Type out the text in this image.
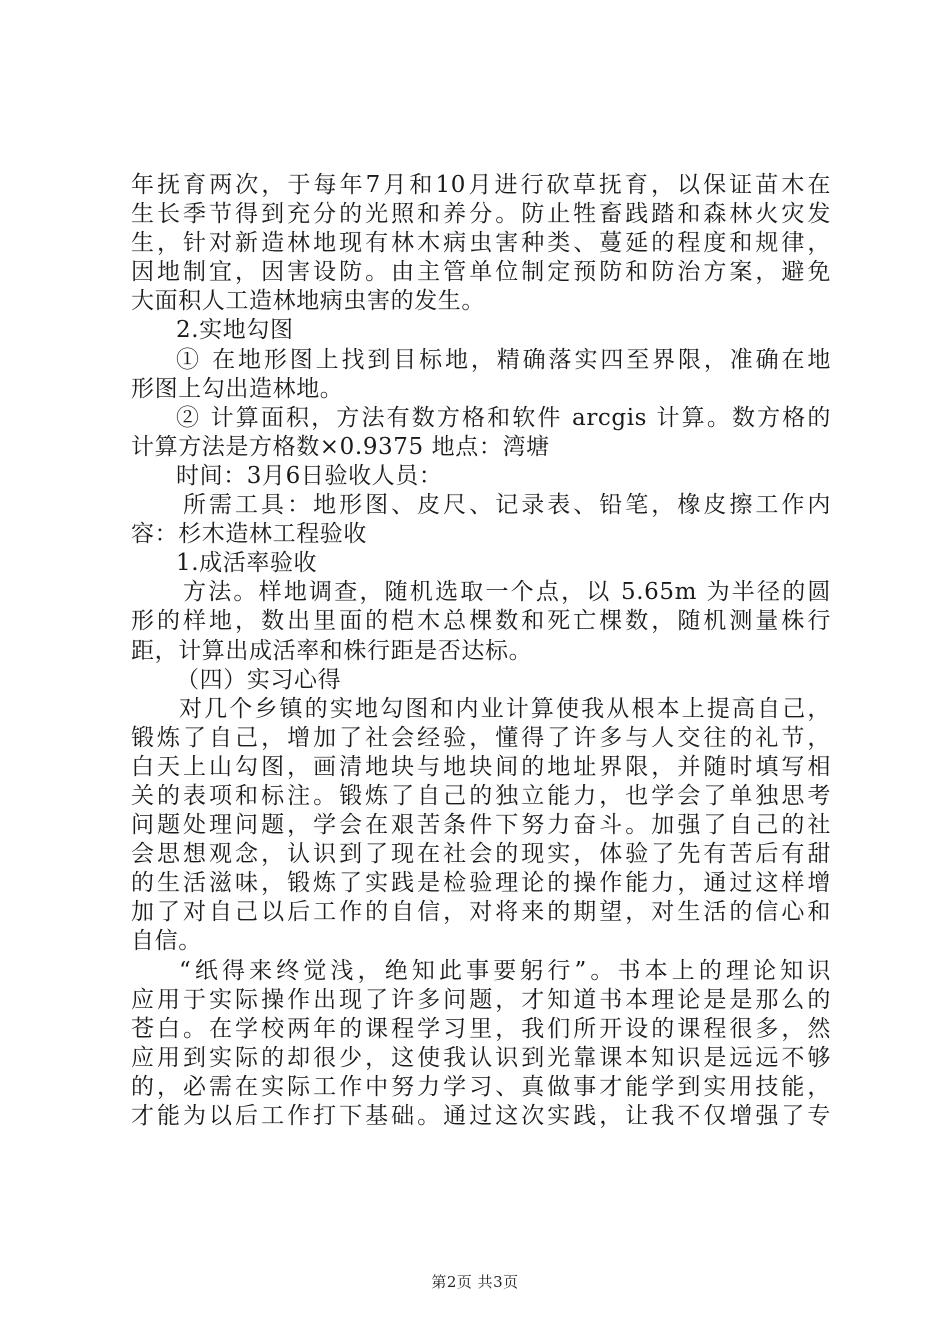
年抚育两次，于每年7月和10月进行砍草抚育，以保证苗木在
生长季节得到充分的光照和养分。防止牲畜践踏和森林火灾发
生，针对新造林地现有林木病虫害种类、蔓延的程度和规律，
因地制宜，因害设防。由主管单位制定预防和防治方案，避免
大面积人工造林地病虫害的发生。
2.实地勾图
① 在地形图上找到目标地，精确落实四至界限，准确在地
形图上勾出造林地。
② 计算面积，方法有数方格和软件 arcgis 计算。数方格的
计算方法是方格数×0.9375 地点：湾塘
时间：3月6日验收人员：
所需工具：地形图、皮尺、记录表、铅笔，橡皮擦工作内
容：杉木造林工程验收
1.成活率验收
方法。样地调查，随机选取一个点，以 5.65m 为半径的圆
形的样地，数出里面的桤木总棵数和死亡棵数，随机测量株行
距，计算出成活率和株行距是否达标。
（四）实习心得
对几个乡镇的实地勾图和内业计算使我从根本上提高自己，
锻炼了自己，增加了社会经验，懂得了许多与人交往的礼节，
白天上山勾图，画清地块与地块间的地址界限，并随时填写相
关的表项和标注。锻炼了自己的独立能力，也学会了单独思考
问题处理问题，学会在艰苦条件下努力奋斗。加强了自己的社
会思想观念，认识到了现在社会的现实，体验了先有苦后有甜
的生活滋味，锻炼了实践是检验理论的操作能力，通过这样增
加了对自己以后工作的自信，对将来的期望，对生活的信心和
自信。
“纸得来终觉浅，绝知此事要躬行”。书本上的理论知识
应用于实际操作出现了许多问题，才知道书本理论是是那么的
苍白。在学校两年的课程学习里，我们所开设的课程很多，然
应用到实际的却很少，这使我认识到光靠课本知识是远远不够
的，必需在实际工作中努力学习、真做事才能学到实用技能，
才能为以后工作打下基础。通过这次实践，让我不仅增强了专
第2页 共3页
